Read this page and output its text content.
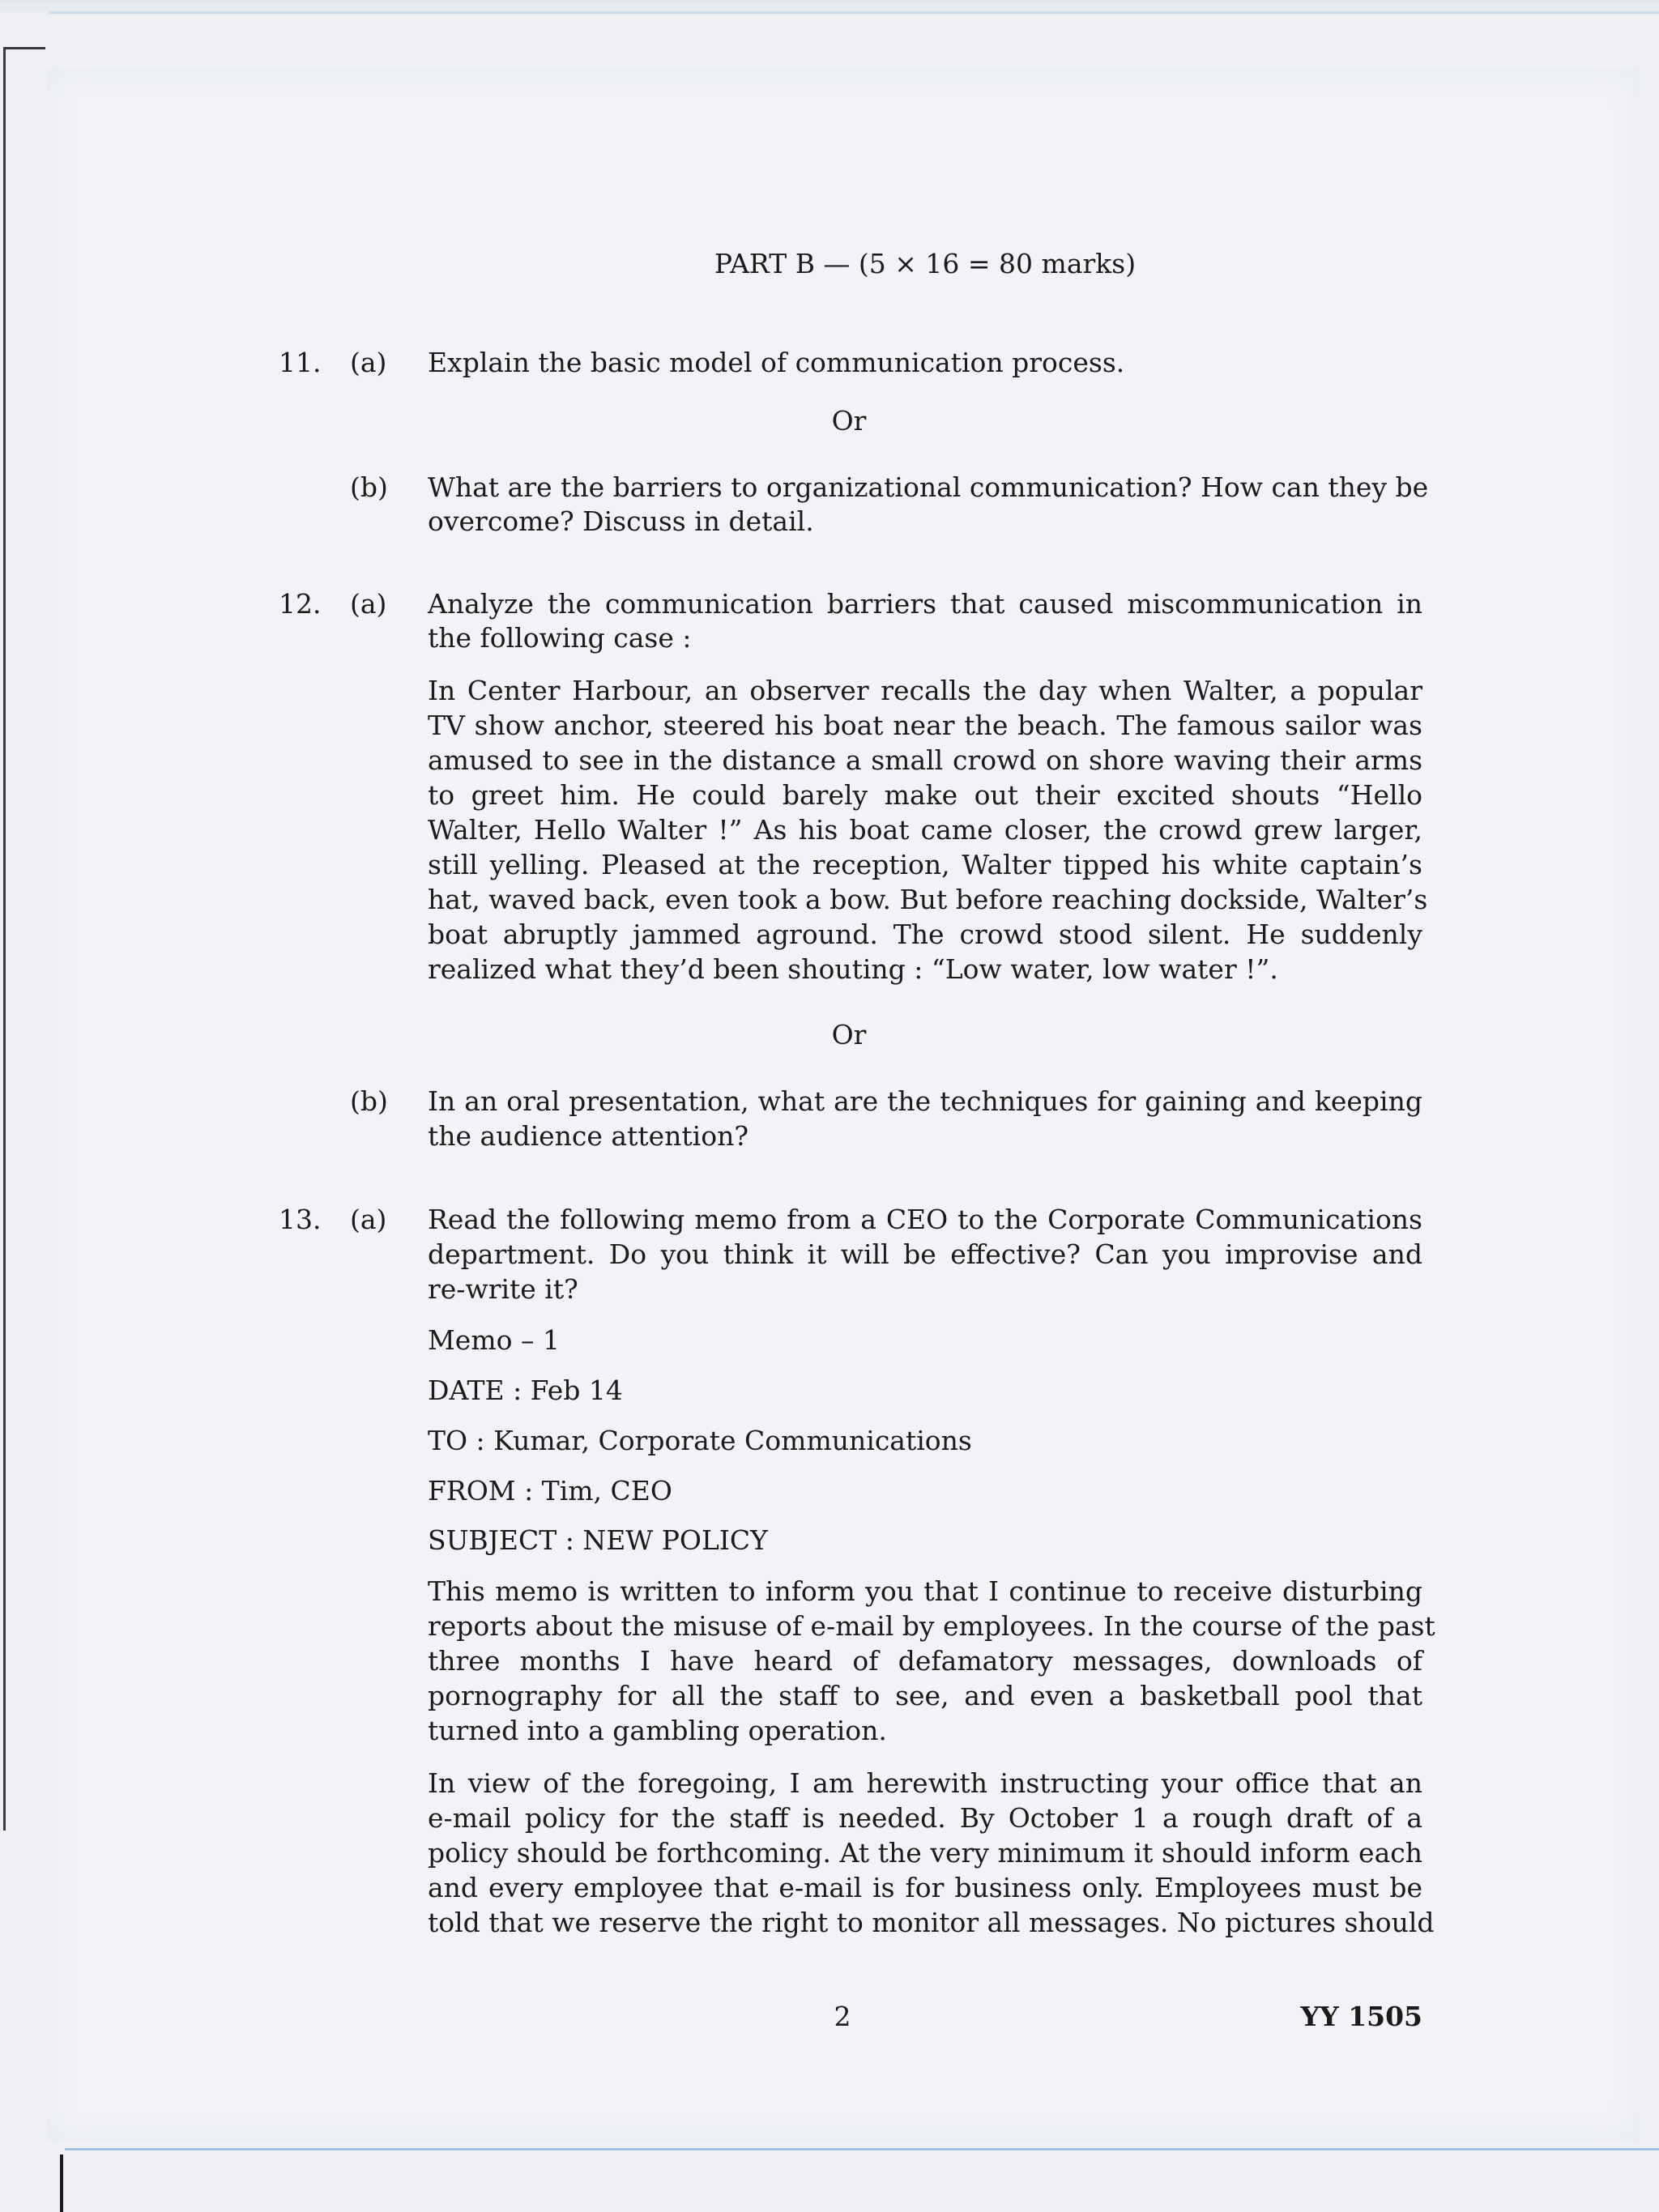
PART B — (5 × 16 = 80 marks)
11. (a) Explain the basic model of communication process.
Or
(b) What are the barriers to organizational communication? How can they be
overcome? Discuss in detail.
12. (a) Analyze the communication barriers that caused miscommunication in
the following case :
In Center Harbour, an observer recalls the day when Walter, a popular
TV show anchor, steered his boat near the beach. The famous sailor was
amused to see in the distance a small crowd on shore waving their arms
to greet him. He could barely make out their excited shouts “Hello
Walter, Hello Walter !” As his boat came closer, the crowd grew larger,
still yelling. Pleased at the reception, Walter tipped his white captain’s
hat, waved back, even took a bow. But before reaching dockside, Walter’s
boat abruptly jammed aground. The crowd stood silent. He suddenly
realized what they’d been shouting : “Low water, low water !”.
Or
(b) In an oral presentation, what are the techniques for gaining and keeping
the audience attention?
13. (a) Read the following memo from a CEO to the Corporate Communications
department. Do you think it will be effective? Can you improvise and
re-write it?
Memo – 1
DATE : Feb 14
TO : Kumar, Corporate Communications
FROM : Tim, CEO
SUBJECT : NEW POLICY
This memo is written to inform you that I continue to receive disturbing
reports about the misuse of e-mail by employees. In the course of the past
three months I have heard of defamatory messages, downloads of
pornography for all the staff to see, and even a basketball pool that
turned into a gambling operation.
In view of the foregoing, I am herewith instructing your office that an
e-mail policy for the staff is needed. By October 1 a rough draft of a
policy should be forthcoming. At the very minimum it should inform each
and every employee that e-mail is for business only. Employees must be
told that we reserve the right to monitor all messages. No pictures should
2	YY 1505
